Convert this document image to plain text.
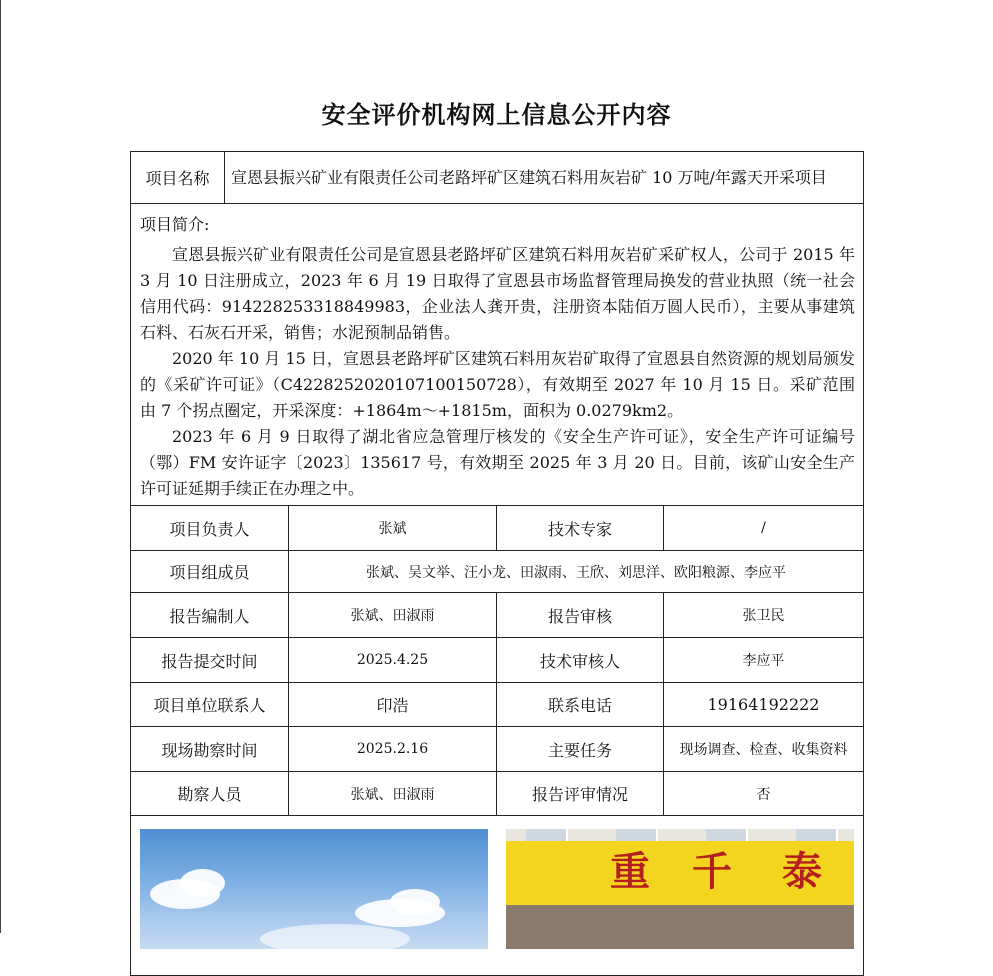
安全评价机构网上信息公开内容
项目名称	宣恩县振兴矿业有限责任公司老路坪矿区建筑石料用灰岩矿 10 万吨/年露天开采项目			

项目简介:

宣恩县振兴矿业有限责任公司是宣恩县老路坪矿区建筑石料用灰岩矿采矿权人，公司于 2015 年 3 月 10 日注册成立，2023 年 6 月 19 日取得了宣恩县市场监督管理局换发的营业执照（统一社会信用代码：914228253318849983，企业法人龚开贵，注册资本陆佰万圆人民币），主要从事建筑石料、石灰石开采，销售；水泥预制品销售。

2020 年 10 月 15 日，宣恩县老路坪矿区建筑石料用灰岩矿取得了宣恩县自然资源的规划局颁发的《采矿许可证》（C4228252020107100150728），有效期至 2027 年 10 月 15 日。采矿范围由 7 个拐点圈定，开采深度：+1864m～+1815m，面积为 0.0279km2。

2023 年 6 月 9 日取得了湖北省应急管理厅核发的《安全生产许可证》，安全生产许可证编号（鄂）FM 安许证字〔2023〕135617 号，有效期至 2025 年 3 月 20 日。目前，该矿山安全生产许可证延期手续正在办理之中。				

项目负责人		张斌	技术专家	/
项目组成员		张斌、吴文举、汪小龙、田淑雨、王欣、刘思洋、欧阳粮源、李应平		
报告编制人		张斌、田淑雨	报告审核	张卫民
报告提交时间		2025.4.25	技术审核人	李应平
项目单位联系人		印浩	联系电话	19164192222
现场勘察时间		2025.2.16	主要任务	现场调查、检查、收集资料
勘察人员		张斌、田淑雨	报告评审情况	否

重 千 泰				
